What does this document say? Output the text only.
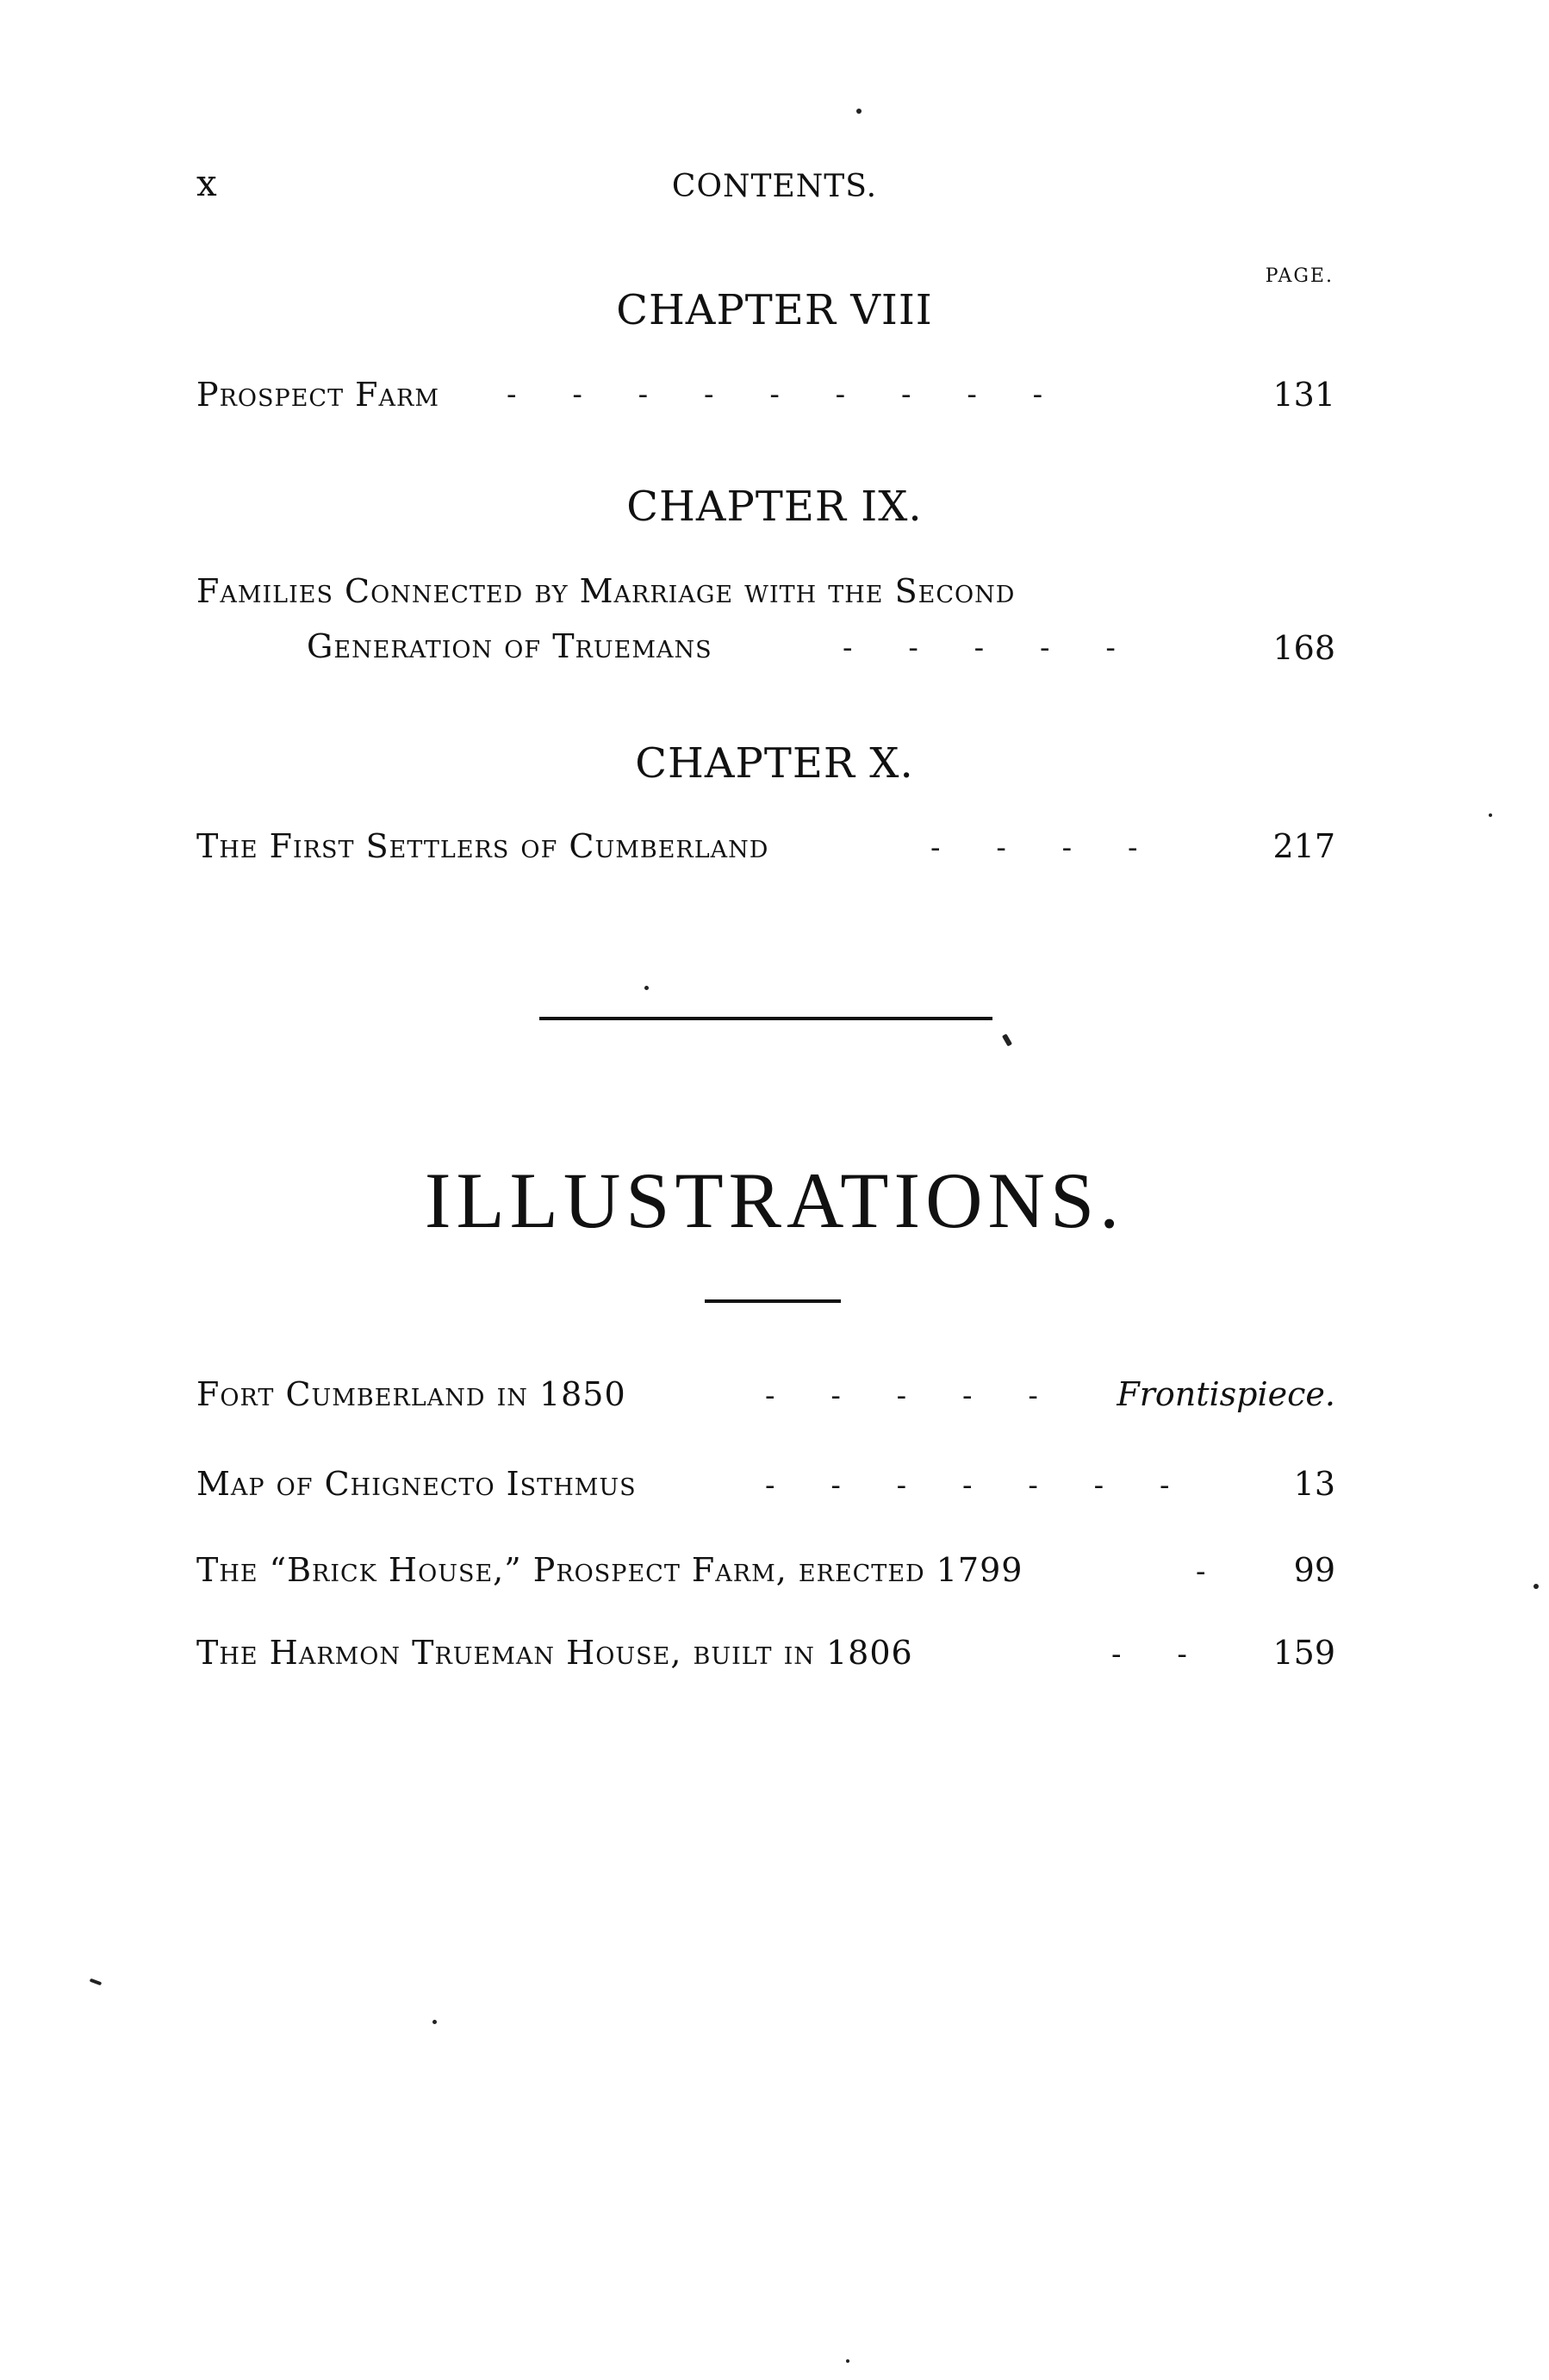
x	CONTENTS.
PAGE.
CHAPTER VIII
Prospect Farm -      -      -      -      -      -      -      -      -	131
CHAPTER IX.
Families Connected by Marriage with the Second
Generation of Truemans	-      -      -      -      -	168
CHAPTER X.
The First Settlers of Cumberland	-      -      -      -	217
ILLUSTRATIONS.
Fort Cumberland in 1850	-      -      -      -      -	Frontispiece.
Map of Chignecto Isthmus	-      -      -      -      -      -      -	13
The “Brick House,” Prospect Farm, erected 1799	-	99
The Harmon Trueman House, built in 1806	-      -	159
